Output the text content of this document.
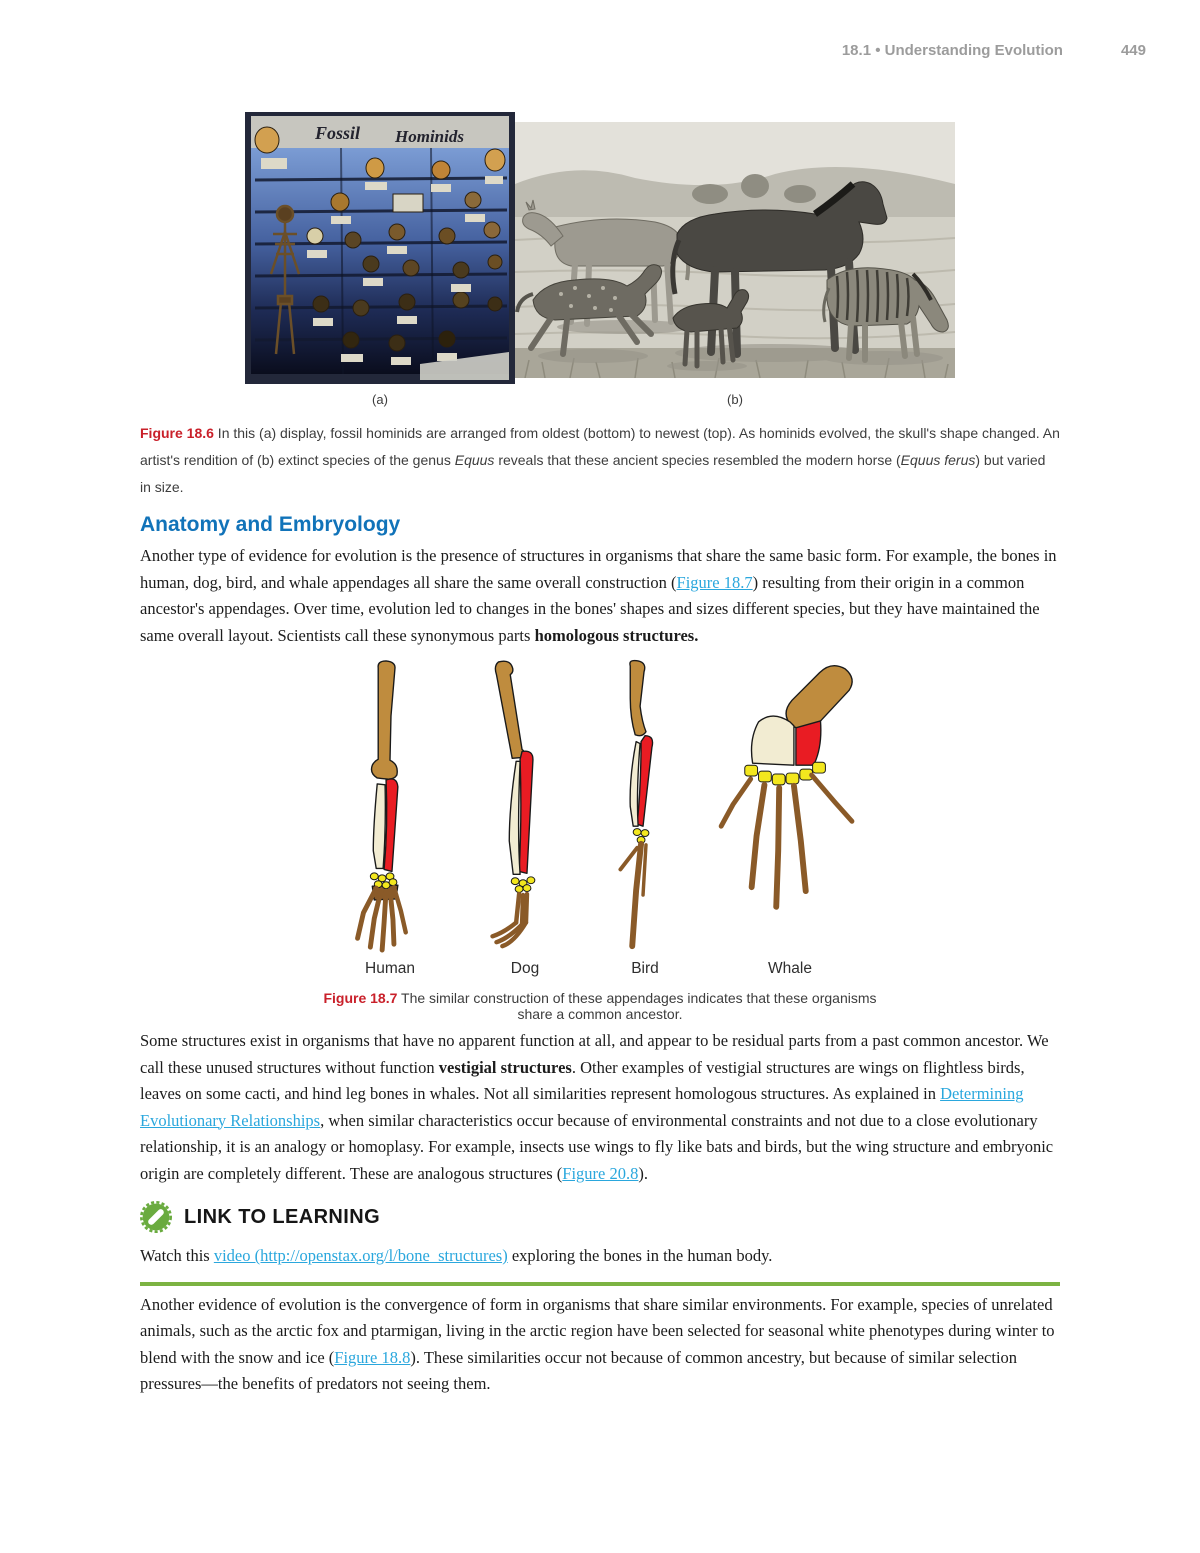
18.1 • Understanding Evolution	449
Fossil Hominids
(a)	(b)
Figure 18.6 In this (a) display, fossil hominids are arranged from oldest (bottom) to newest (top). As hominids evolved, the skull's shape changed. An artist's rendition of (b) extinct species of the genus Equus reveals that these ancient species resembled the modern horse (Equus ferus) but varied in size.
Anatomy and Embryology

Another type of evidence for evolution is the presence of structures in organisms that share the same basic form. For example, the bones in human, dog, bird, and whale appendages all share the same overall construction (Figure 18.7) resulting from their origin in a common ancestor's appendages. Over time, evolution led to changes in the bones' shapes and sizes different species, but they have maintained the same overall layout. Scientists call these synonymous parts homologous structures.

Human	Dog	Bird	Whale
Figure 18.7 The similar construction of these appendages indicates that these organisms share a common ancestor.

Some structures exist in organisms that have no apparent function at all, and appear to be residual parts from a past common ancestor. We call these unused structures without function vestigial structures. Other examples of vestigial structures are wings on flightless birds, leaves on some cacti, and hind leg bones in whales. Not all similarities represent homologous structures. As explained in Determining Evolutionary Relationships, when similar characteristics occur because of environmental constraints and not due to a close evolutionary relationship, it is an analogy or homoplasy. For example, insects use wings to fly like bats and birds, but the wing structure and embryonic origin are completely different. These are analogous structures (Figure 20.8).

LINK TO LEARNING

Watch this video (http://openstax.org/l/bone_structures) exploring the bones in the human body.

Another evidence of evolution is the convergence of form in organisms that share similar environments. For example, species of unrelated animals, such as the arctic fox and ptarmigan, living in the arctic region have been selected for seasonal white phenotypes during winter to blend with the snow and ice (Figure 18.8). These similarities occur not because of common ancestry, but because of similar selection pressures—the benefits of predators not seeing them.
